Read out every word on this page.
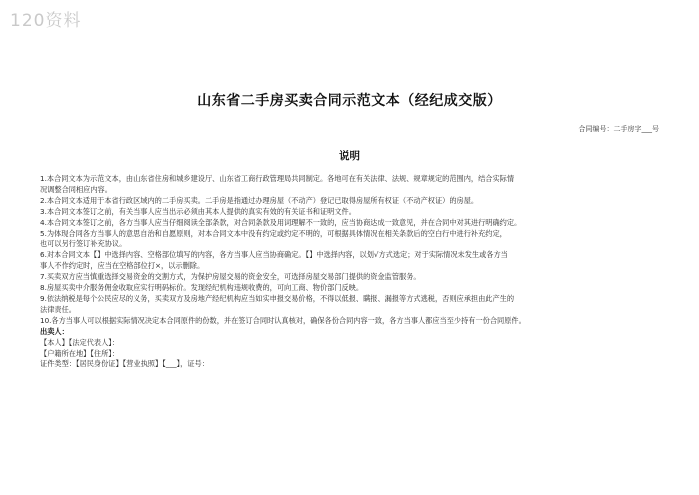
120资料
山东省二手房买卖合同示范文本（经纪成交版）
合同编号：二手房字___号
说明

1.本合同文本为示范文本，由山东省住房和城乡建设厅、山东省工商行政管理局共同制定。各地可在有关法律、法规、规章规定的范围内，结合实际情

况调整合同相应内容。

2.本合同文本适用于本省行政区域内的二手房买卖。二手房是指通过办理房屋（不动产）登记已取得房屋所有权证（不动产权证）的房屋。

3.本合同文本签订之前，有关当事人应当出示必须由其本人提供的真实有效的有关证书和证明文件。

4.本合同文本签订之前，各方当事人应当仔细阅读全部条款，对合同条款及用词理解不一致的，应当协商达成一致意见，并在合同中对其进行明确约定。

5.为体现合同各方当事人的意思自治和自愿原则，对本合同文本中没有约定或约定不明的，可根据具体情况在相关条款后的空白行中进行补充约定，

也可以另行签订补充协议。

6.对本合同文本【】中选择内容、空格部位填写的内容，各方当事人应当协商确定。【】中选择内容，以划√方式选定；对于实际情况未发生或各方当

事人不作约定时，应当在空格部位打×，以示删除。

7.买卖双方应当慎重选择交易资金的交割方式，为保护房屋交易的资金安全，可选择房屋交易部门提供的资金监管服务。

8.房屋买卖中介服务佣金收取应实行明码标价。发现经纪机构违规收费的，可向工商、物价部门反映。

9.依法纳税是每个公民应尽的义务，买卖双方及房地产经纪机构应当如实申报交易价格，不得以低报、瞒报、漏报等方式逃税，否则应承担由此产生的

法律责任。

10.各方当事人可以根据实际情况决定本合同原件的份数，并在签订合同时认真核对，确保各份合同内容一致，各方当事人都应当至少持有一份合同原件。

出卖人：

【本人】【法定代表人】：

【户籍所在地】【住所】：

证件类型：【居民身份证】【营业执照】【___】，证号：
